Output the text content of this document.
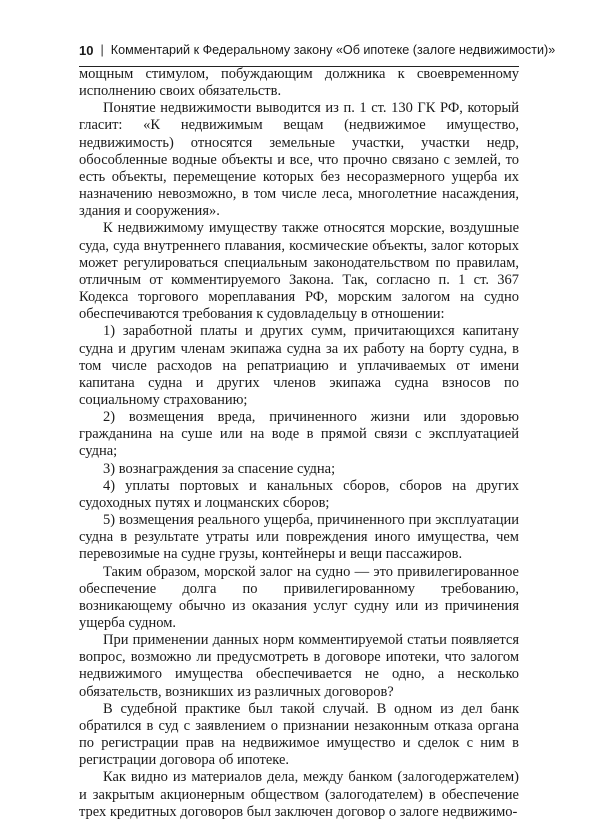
10 | Комментарий к Федеральному закону «Об ипотеке (залоге недвижимости)»

мощным стимулом, побуждающим должника к своевременному исполнению своих обязательств.

Понятие недвижимости выводится из п. 1 ст. 130 ГК РФ, который гласит: «К недвижимым вещам (недвижимое имущество, недвижимость) относятся земельные участки, участки недр, обособленные водные объекты и все, что прочно связано с землей, то есть объекты, перемещение которых без несоразмерного ущерба их назначению невозможно, в том числе леса, многолетние насаждения, здания и сооружения».

К недвижимому имуществу также относятся морские, воздушные суда, суда внутреннего плавания, космические объекты, залог которых может регулироваться специальным законодательством по правилам, отличным от комментируемого Закона. Так, согласно п. 1 ст. 367 Кодекса торгового мореплавания РФ, морским залогом на судно обеспечиваются требования к судовладельцу в отношении:

1) заработной платы и других сумм, причитающихся капитану судна и другим членам экипажа судна за их работу на борту судна, в том числе расходов на репатриацию и уплачиваемых от имени капитана судна и других членов экипажа судна взносов по социальному страхованию;

2) возмещения вреда, причиненного жизни или здоровью гражданина на суше или на воде в прямой связи с эксплуатацией судна;

3) вознаграждения за спасение судна;

4) уплаты портовых и канальных сборов, сборов на других судоходных путях и лоцманских сборов;

5) возмещения реального ущерба, причиненного при эксплуатации судна в результате утраты или повреждения иного имущества, чем перевозимые на судне грузы, контейнеры и вещи пассажиров.

Таким образом, морской залог на судно — это привилегированное обеспечение долга по привилегированному требованию, возникающему обычно из оказания услуг судну или из причинения ущерба судном.

При применении данных норм комментируемой статьи появляется вопрос, возможно ли предусмотреть в договоре ипотеки, что залогом недвижимого имущества обеспечивается не одно, а несколько обязательств, возникших из различных договоров?

В судебной практике был такой случай. В одном из дел банк обратился в суд с заявлением о признании незаконным отказа органа по регистрации прав на недвижимое имущество и сделок с ним в регистрации договора об ипотеке.

Как видно из материалов дела, между банком (залогодержателем) и закрытым акционерным обществом (залогодателем) в обеспечение трех кредитных договоров был заключен договор о залоге недвижимо-
